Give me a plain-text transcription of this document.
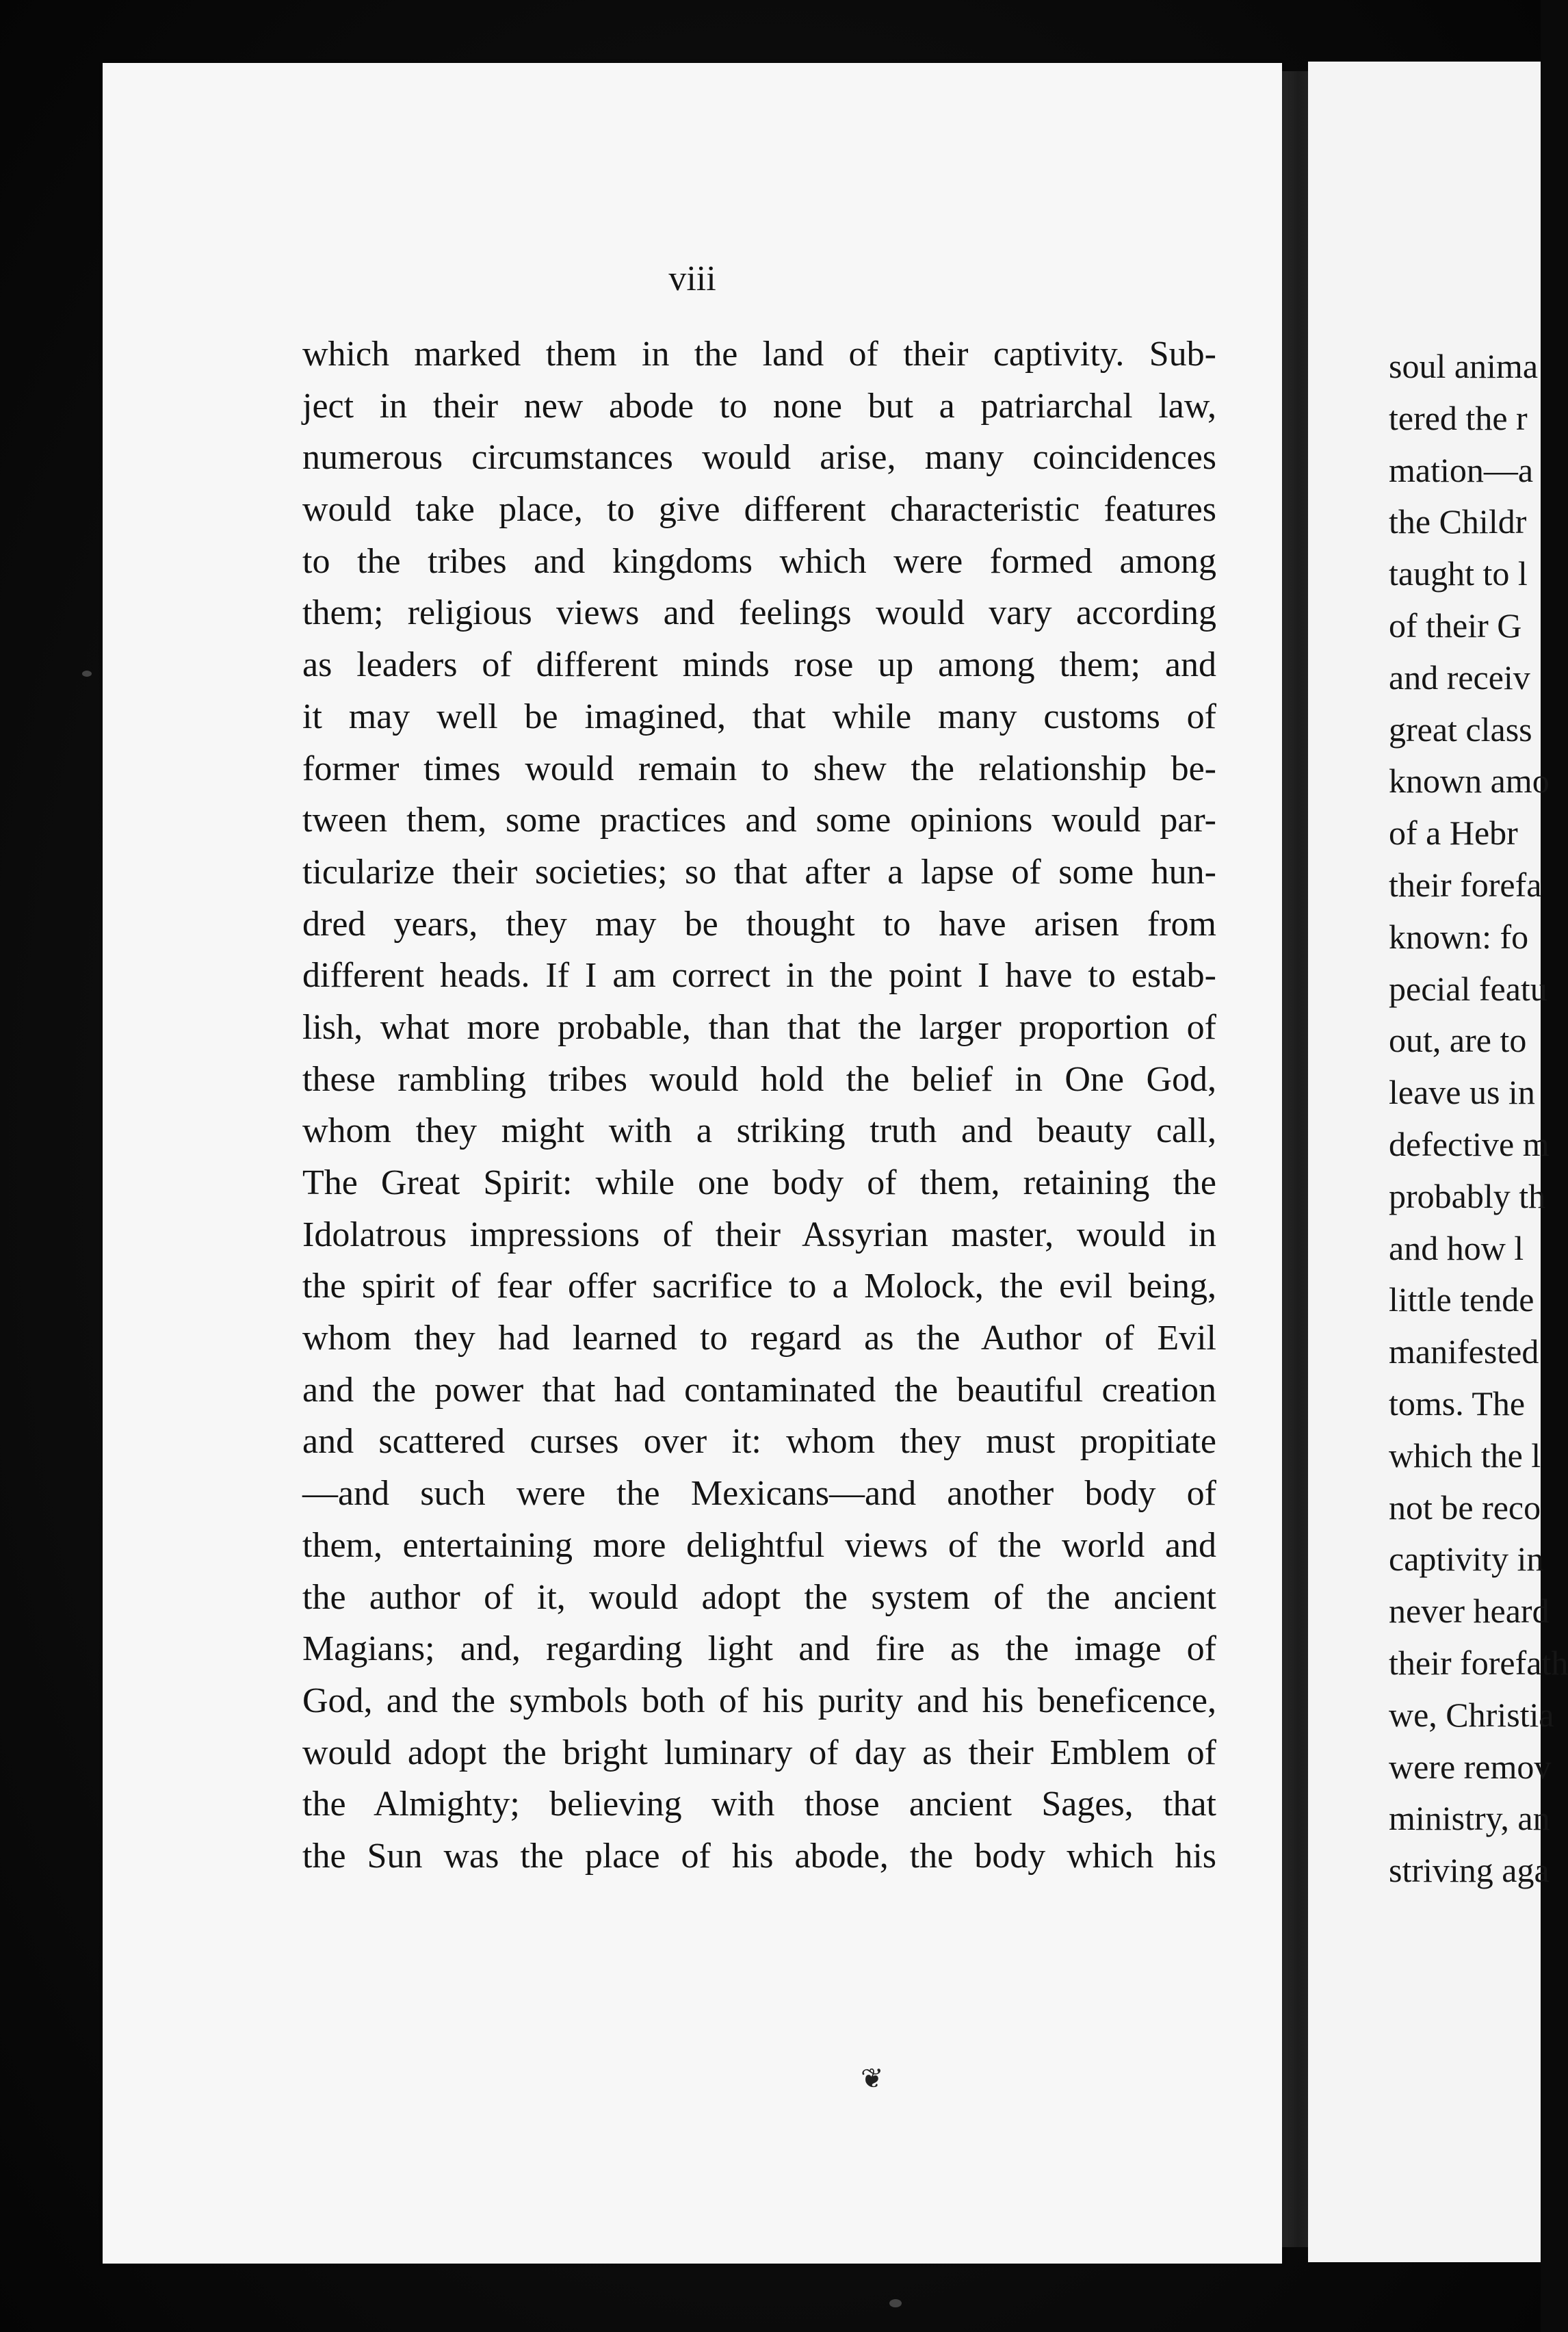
soul anima
tered the r
mation—a
the Childr
taught to l
of their G
and receiv
great class
known amo
of a Hebr
their forefa
known: fo
pecial featu
out, are to
leave us in
defective m
probably th
and how l
little tende
manifested
toms. The
which the l
not be reco
captivity in
never heard
their forefath
we, Christia
were remov
ministry, an
striving aga
viii
which marked them in the land of their captivity. Sub-
ject in their new abode to none but a patriarchal law,
numerous circumstances would arise, many coincidences
would take place, to give different characteristic features
to the tribes and kingdoms which were formed among
them; religious views and feelings would vary according
as leaders of different minds rose up among them; and
it may well be imagined, that while many customs of
former times would remain to shew the relationship be-
tween them, some practices and some opinions would par-
ticularize their societies; so that after a lapse of some hun-
dred years, they may be thought to have arisen from
different heads. If I am correct in the point I have to estab-
lish, what more probable, than that the larger proportion of
these rambling tribes would hold the belief in One God,
whom they might with a striking truth and beauty call,
The Great Spirit: while one body of them, retaining the
Idolatrous impressions of their Assyrian master, would in
the spirit of fear offer sacrifice to a Molock, the evil being,
whom they had learned to regard as the Author of Evil
and the power that had contaminated the beautiful creation
and scattered curses over it: whom they must propitiate
—and such were the Mexicans—and another body of
them, entertaining more delightful views of the world and
the author of it, would adopt the system of the ancient
Magians; and, regarding light and fire as the image of
God, and the symbols both of his purity and his beneficence,
would adopt the bright luminary of day as their Emblem of
the Almighty; believing with those ancient Sages, that
the Sun was the place of his abode, the body which his
❦
